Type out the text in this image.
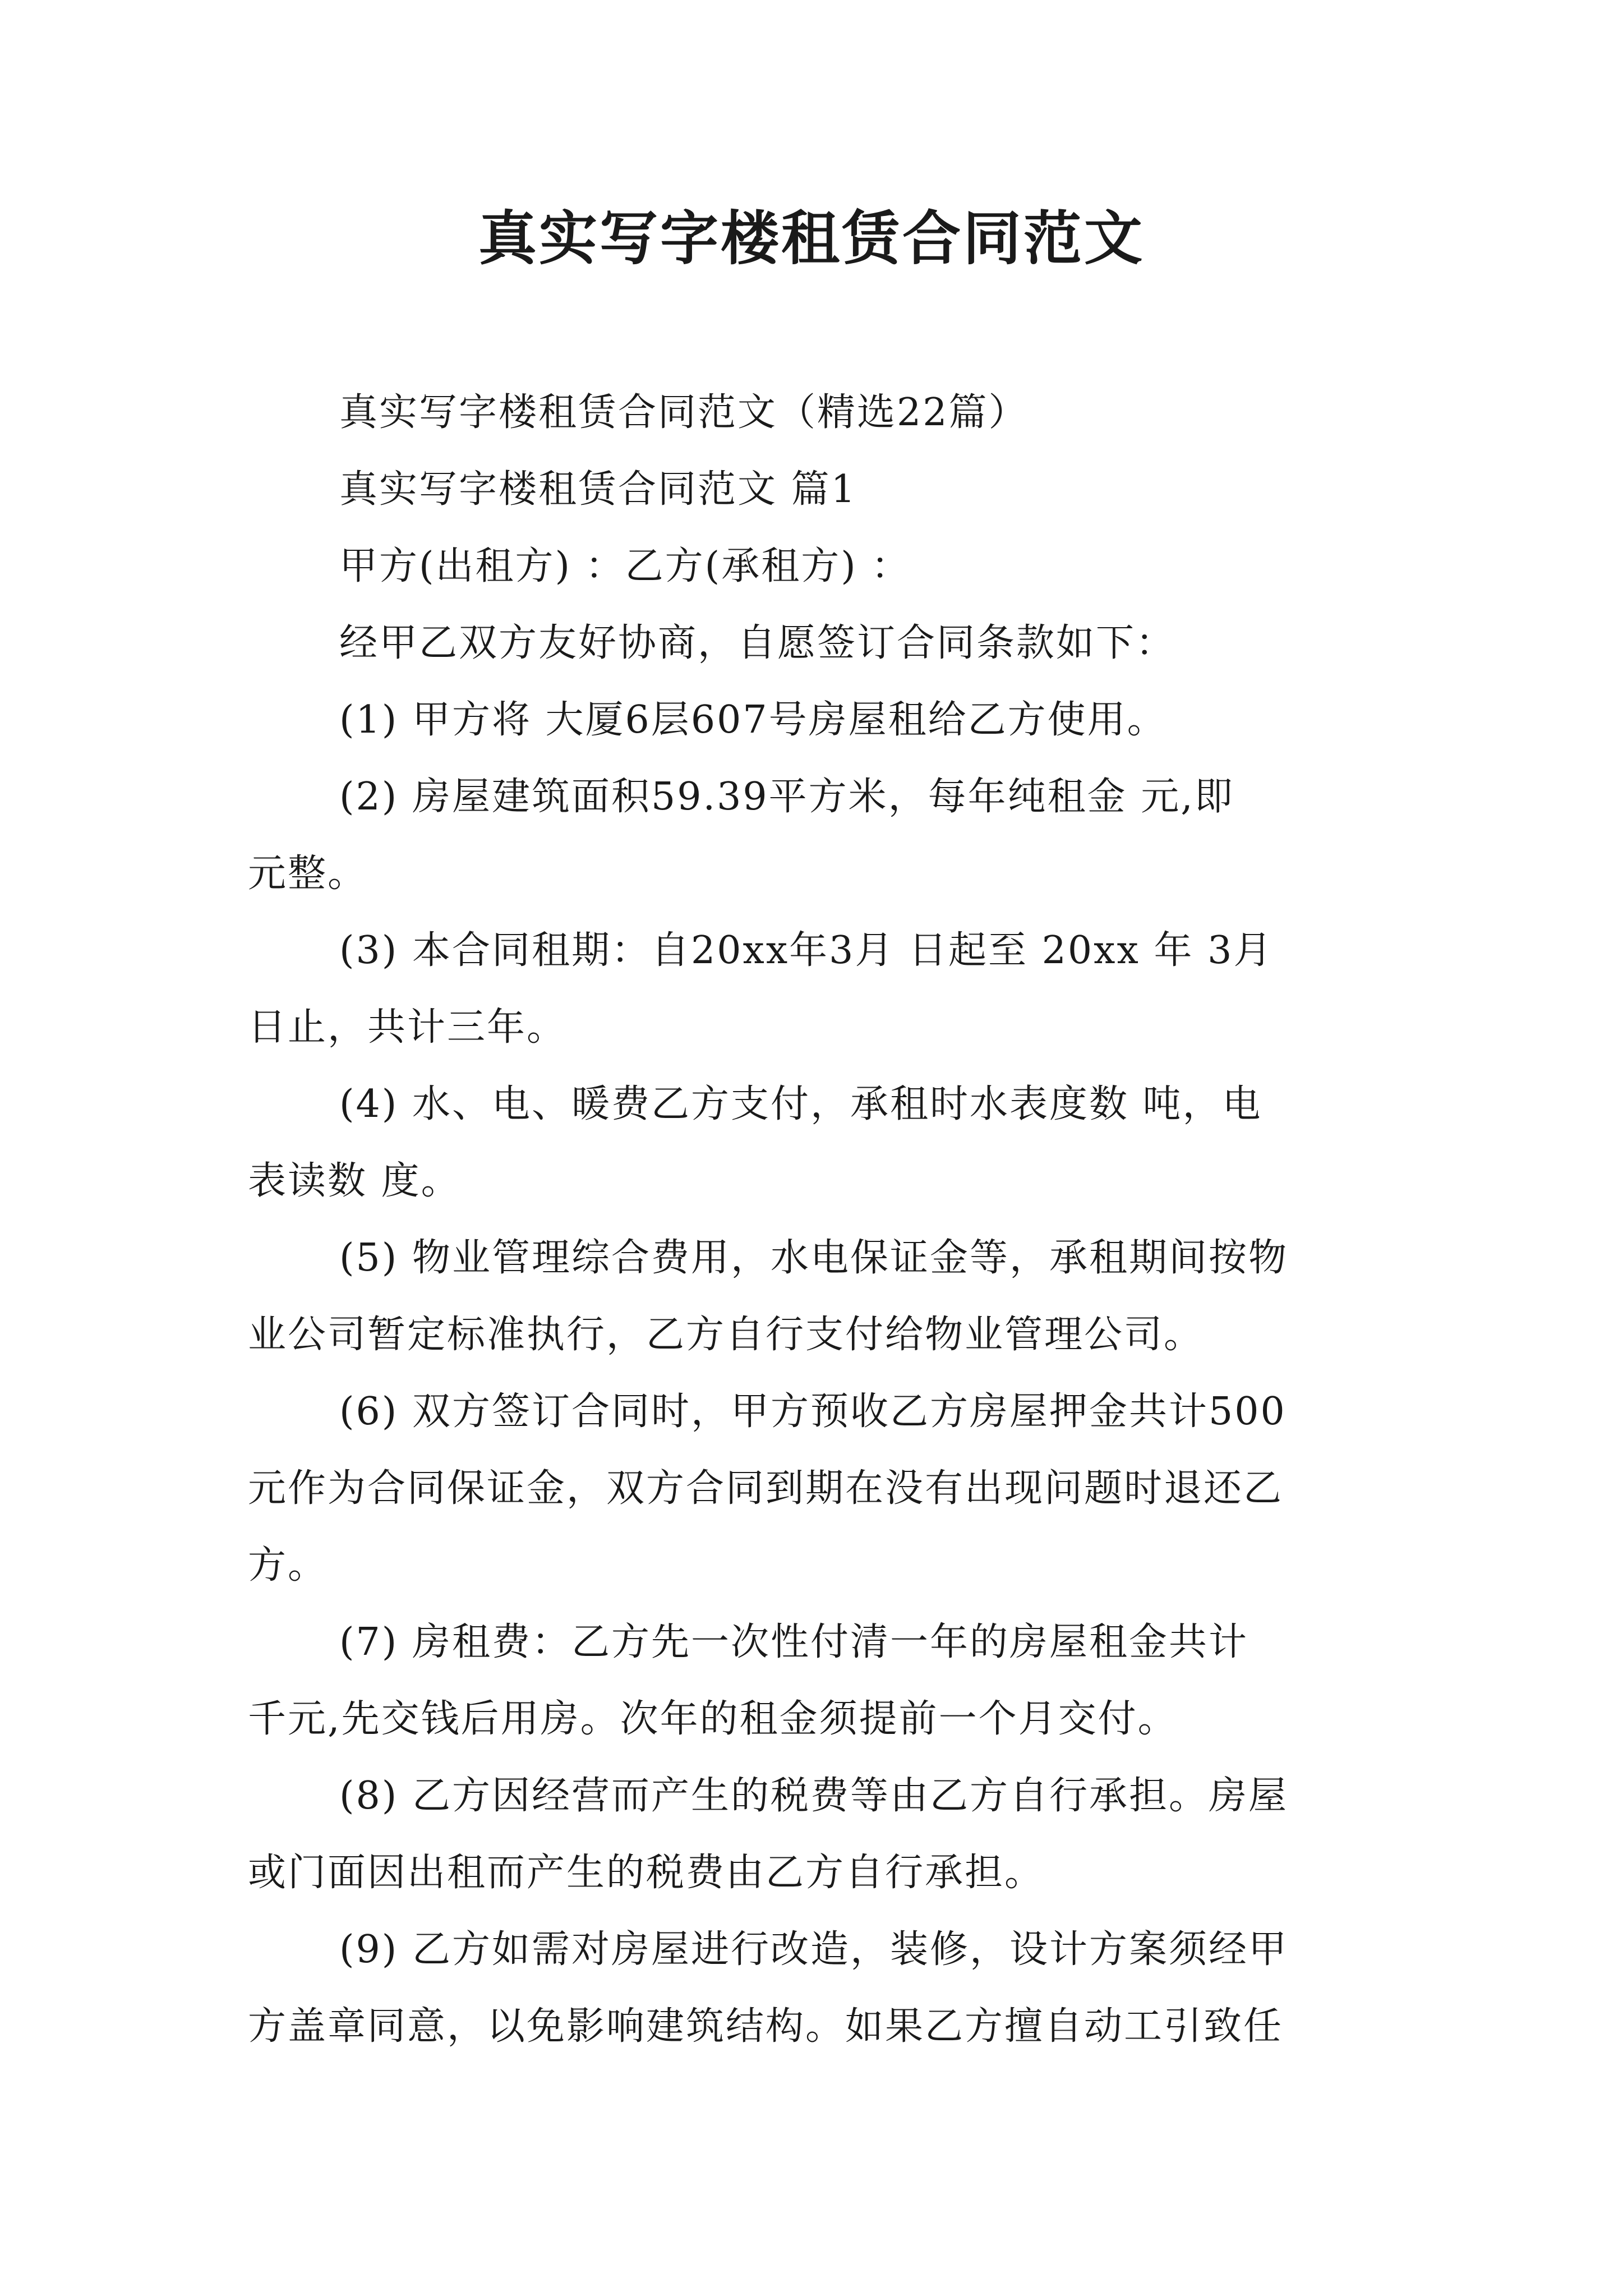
真实写字楼租赁合同范文
真实写字楼租赁合同范文（精选22篇）
真实写字楼租赁合同范文 篇1
甲方(出租方) ：乙方(承租方) ：
经甲乙双方友好协商，自愿签订合同条款如下：
(1) 甲方将 大厦6层607号房屋租给乙方使用。
(2) 房屋建筑面积59.39平方米，每年纯租金 元,即
元整。
(3) 本合同租期：自20xx年3月 日起至 20xx 年 3月
日止，共计三年。
(4) 水、电、暖费乙方支付，承租时水表度数 吨，电
表读数 度。
(5) 物业管理综合费用，水电保证金等，承租期间按物
业公司暂定标准执行，乙方自行支付给物业管理公司。
(6) 双方签订合同时，甲方预收乙方房屋押金共计500
元作为合同保证金，双方合同到期在没有出现问题时退还乙
方。
(7) 房租费：乙方先一次性付清一年的房屋租金共计
千元,先交钱后用房。次年的租金须提前一个月交付。
(8) 乙方因经营而产生的税费等由乙方自行承担。房屋
或门面因出租而产生的税费由乙方自行承担。
(9) 乙方如需对房屋进行改造，装修，设计方案须经甲
方盖章同意，以免影响建筑结构。如果乙方擅自动工引致任
